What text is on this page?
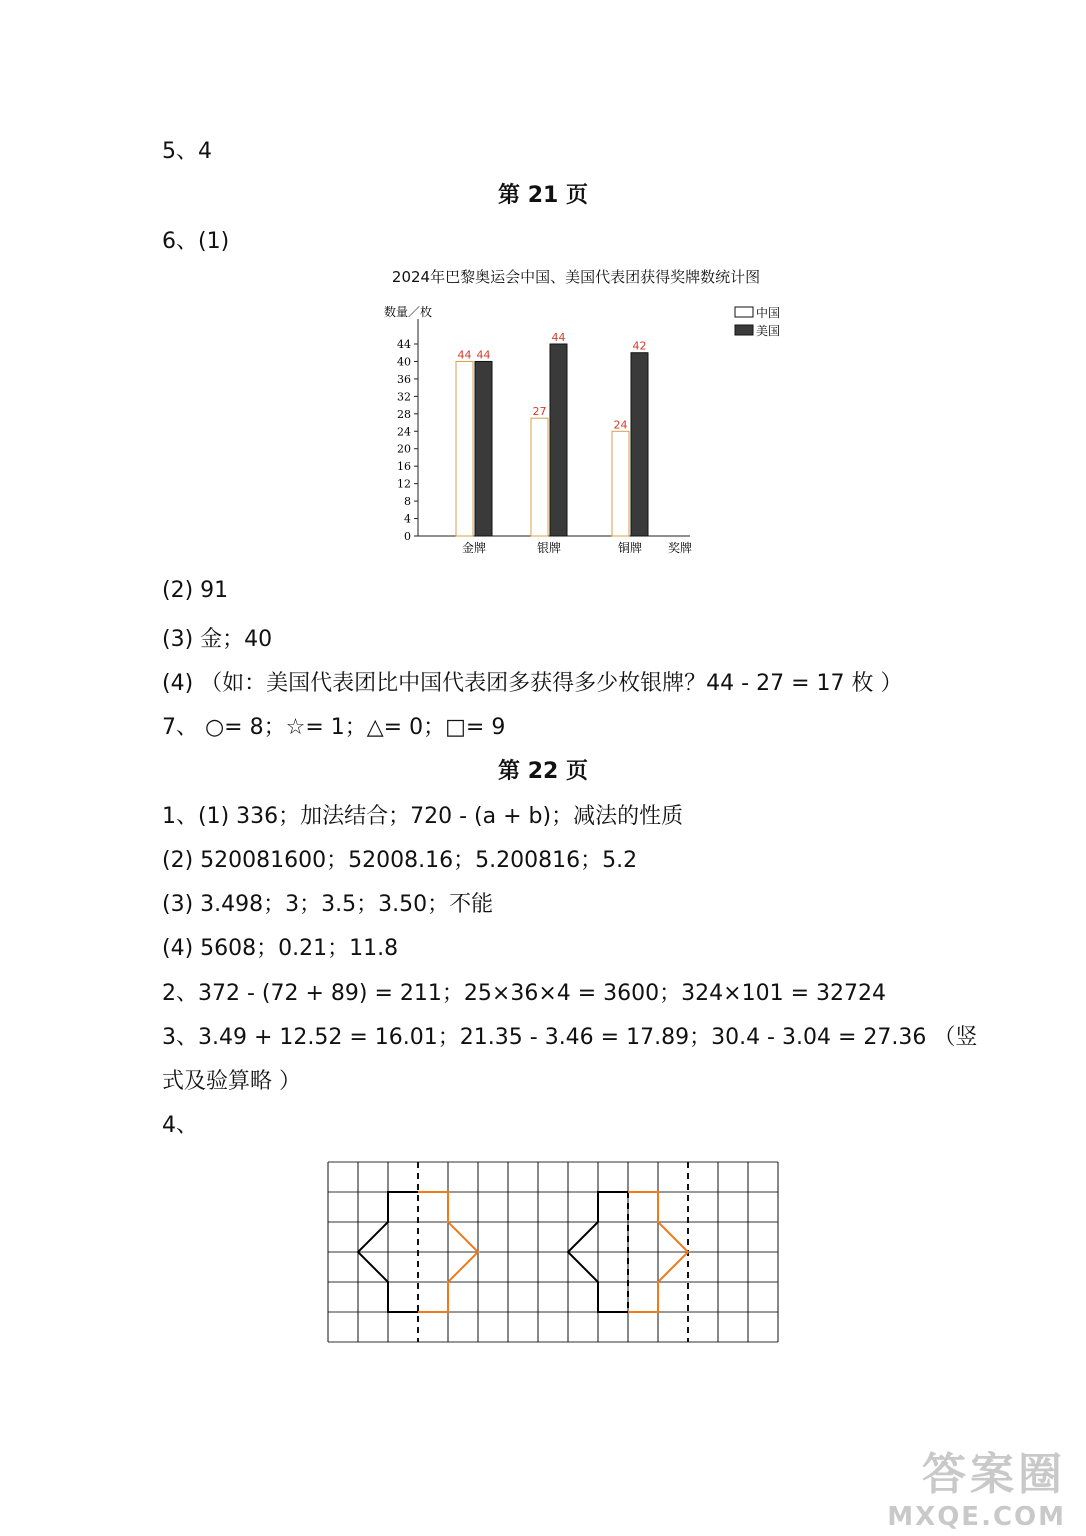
5、4
第 21 页
6、(1)
2024年巴黎奥运会中国、美国代表团获得奖牌数统计图
数量／枚
0
4
8
12
16
20
24
28
32
36
40
44
44 44
金牌
27
44
银牌
24
42
铜牌 奖牌
中国
美国
(2) 91
(3) 金；40
(4) （如：美国代表团比中国代表团多获得多少枚银牌？44 - 27 = 17 枚 ）
7、 ○= 8；☆= 1；△= 0；□= 9
第 22 页
1、(1) 336；加法结合；720 - (a + b)；减法的性质
(2) 520081600；52008.16；5.200816；5.2
(3) 3.498；3；3.5；3.50；不能
(4) 5608；0.21；11.8
2、372 - (72 + 89) = 211；25×36×4 = 3600；324×101 = 32724
3、3.49 + 12.52 = 16.01；21.35 - 3.46 = 17.89；30.4 - 3.04 = 27.36 （竖
式及验算略 ）
4、
答案圈
MXQE.COM
